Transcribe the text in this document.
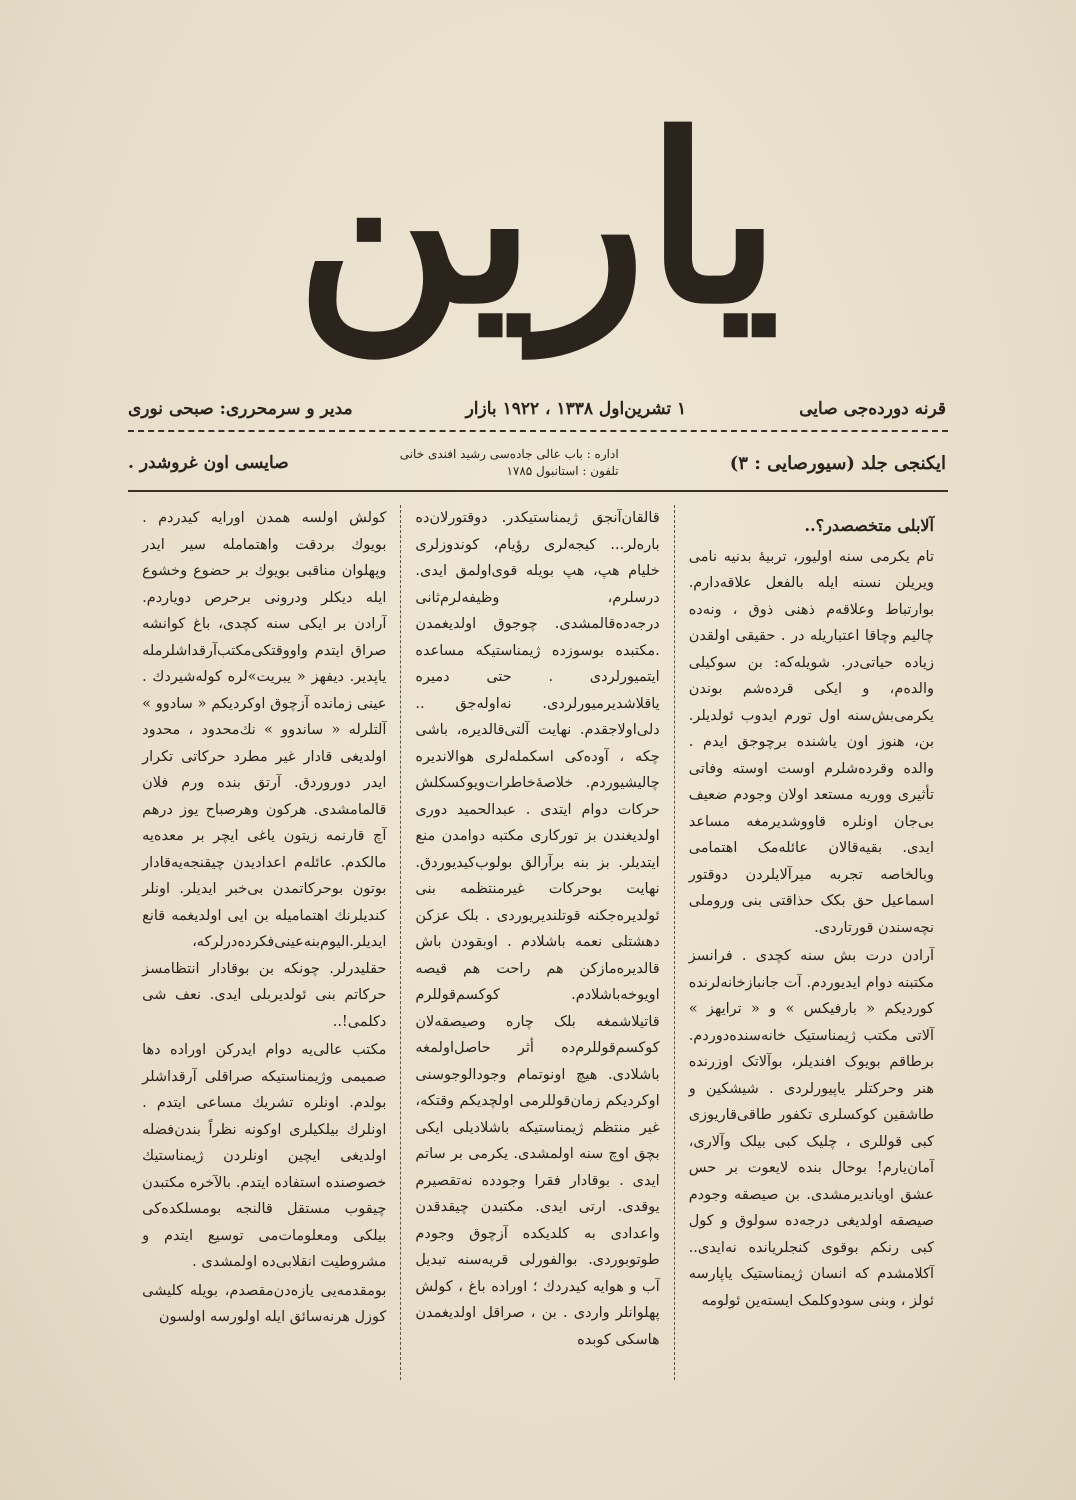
يارين
قرنه‌ دورده‌جی صایی
۱ تشرین‌اول ۱۳۳۸ ، ۱۹۲۲ بازار
مدیر و سرمحرری: صبحی نوری
ایکنجی جلد (سیورصایی : ۳)
اداره : باب عالی جاده‌سی رشید افندی خانی
تلفون : استانبول ۱۷۸۵
صایسی اون غروشدر .
آلابلی متخصصدر؟..

تام یکرمی سنه اولیور، تربیهٔ بدنیه نامی ویریلن نسنه ایله بالفعل علاقه‌دارم. بوارتباط وعلاقه‌م ذهنی ذوق ، ونه‌ده چالیم وچاقا اعتباریله در . حقیقی اولقدن زیاده حیاتی‌در. شویله‌که: بن سوکیلی والده‌م، و ایکی قرده‌شم بوندن یکرمی‌بش‌سنه اول تورم ایدوب ئولدیلر. بن، هنوز اون یاشنده برچوجق ایدم . والده وقرده‌شلرم اوست اوسته وفاتی تأثیری ووریه مستعد اولان وجودم ضعیف بی‌جان اونلره قاووشدیرمغه مساعد ایدی. بقیه‌قالان عائله‌مک اهتمامی وبالخاصه تجربه میرآلایلردن دوقتور اسماعیل حق بکک حذاقتی بنی وروملی نچه‌سندن قورتاردی.

آرادن درت بش سنه کچدی . فرانسز مکتبنه دوام ایدیوردم. آت جانبازخانه‌لرنده کوردیکم « بارفیکس » و « ترایهز » آلاتی مکتب ژیمناستیک خانه‌سنده‌دوردم. برطاقم بویوک افندیلر، بوآلاتک اوزرنده هنر وحرکتلر یاپیورلردی . شیشکین و طاشقین کوکسلری تکفور طاقی‌قاریوزی کبی قوللری ، چلیک کبی بیلک وآلاری، آمان‌یارم! بوحال بنده لایعوت بر حس عشق اویاندیرمشدی. بن صیصقه وجودم صیصقه اولدیغی درجه‌ده سولوق و کول کبی رنکم بوقوی کنجلریانده نه‌ایدی.. آکلامشدم که انسان ژیمناستیک یاپارسه ئولز ، وبنی سودوکلمک ایسته‌ین ئولومه

قالقان‌آنجق ژیمناستیکدر. دوقتورلان‌ده باره‌لر... کیجه‌لری رؤیام، کوندوزلری خلیام هپ، هپ بویله قوی‌اولمق ایدی. درسلرم، وظیفه‌لرم‌ثانی‌ درجه‌ده‌قالمشدی. چوجوق اولدیغمدن .مکتبده بوسوزده ژیمناستیکه مساعده ایتمیورلردی . حتی دمیره یاقلاشدیرمیورلردی. نه‌اوله‌جق .. دلی‌اولاجقدم. نهایت آلتی‌قالدیره، باشی چکه ، آوده‌کی اسکمله‌لری هوالاندیره چالیشیوردم. خلاصهٔ‌خاطرات‌ویوکسکلش حرکات دوام ایتدی . عبدالحمید دوری اولدیغندن بز تورکاری مکتبه دوامدن منع ایتدیلر. بز بنه برآرالق بولوب‌کیدیوردق. نهایت بوحرکات غیرمنتظمه بنی ئولدیره‌جکنه قوتلندیریوردی . بلک عزکن دهشتلی نعمه باشلادم . اوبقودن باش قالدیره‌مازکن هم راحت هم قیصه اویوخه‌باشلادم. کوکسم‌قوللرم قاتیلاشمغه بلک چاره وصیصقه‌لان کوکسم‌قوللرم‌ده أثر حاصل‌اولمغه باشلادی. هیچ اونوتمام وجودالوجوسنی اوکردیکم زمان‌قوللرمی اولچدیکم وقتکه، غیر منتظم ژیمناستیکه باشلادیلی ایکی بچق اوچ سنه اولمشدی. یکرمی بر ساتم ایدی . بوقادار فقرا وجودده نه‌تقصیرم یوقدی. ارتی ایدی. مکتبدن چیقدقدن واعدادی‌ به کلدیکده آزچوق وجودم طوتوبوردی. بوالفورلی قریه‌سنه تبدیل آب و هوایه کیدردك ؛ اوراده باغ ، کولش پهلوانلر واردی . بن ، صراقل اولدیغمدن هاسکی کوبده

کولش اولسه همدن اورایه کیدردم . بویوك بردقت واهتمامله سیر ایدر وپهلوان مناقبی بویوك بر حضوع وخشوع ایله دیکلر ودرونی برحرص دویاردم. آرادن بر ایکی سنه کچدی، باغ کوانشه صراق ایتدم واووقتکی‌مکتب‌آرقداشلرمله یاپدیر. دیفهز « یبریت‌»لره کوله‌شیردك . عینی زمانده آزچوق اوکردیکم « سادوو » آلتلرله « ساندوو » نك‌محدود ، محدود اولدیغی قادار غیر مطرد حرکاتی تکرار ایدر دوروردق. آرتق بنده ورم فلان قالمامشدی. هرکون وهرصباح یوز درهم آچ قارنمه زیتون یاغی ایچر بر معده‌یه مالکدم. عائله‌م اعدادیدن چیقنجه‌یه‌قادار بوتون بوحرکاتمدن بی‌خبر ایدیلر. اونلر کندیلرنك اهتمامیله بن ایی اولدیغمه قانع ایدیلر.الیوم‌بنه‌عینی‌فکرده‌درلرکه، حقلیدرلر. چونکه بن بوقادار انتظامسز حرکاتم بنی ئولدیربلی ایدی. نعف شی دکلمی!..

مکتب عالی‌یه دوام ایدرکن اوراده دها صمیمی وژیمناستیکه صراقلی آرقداشلر بولدم. اونلره تشریك مساعی ایتدم . اونلرك بیلکیلری اوکونه نظراً بندن‌فضله اولدیغی ایچین اونلردن ژیمناستیك خصوصنده استفاده ایتدم. بالآخره مکتبدن چیقوب مستقل قالنجه بومسلکده‌کی بیلکی ومعلومات‌می توسیع ایتدم و مشروطیت انقلابی‌ده اولمشدی .

بومقدمه‌یی یازه‌دن‌مقصدم، بویله کلیشی کوزل هرنه‌سائق ایله اولورسه اولسون
